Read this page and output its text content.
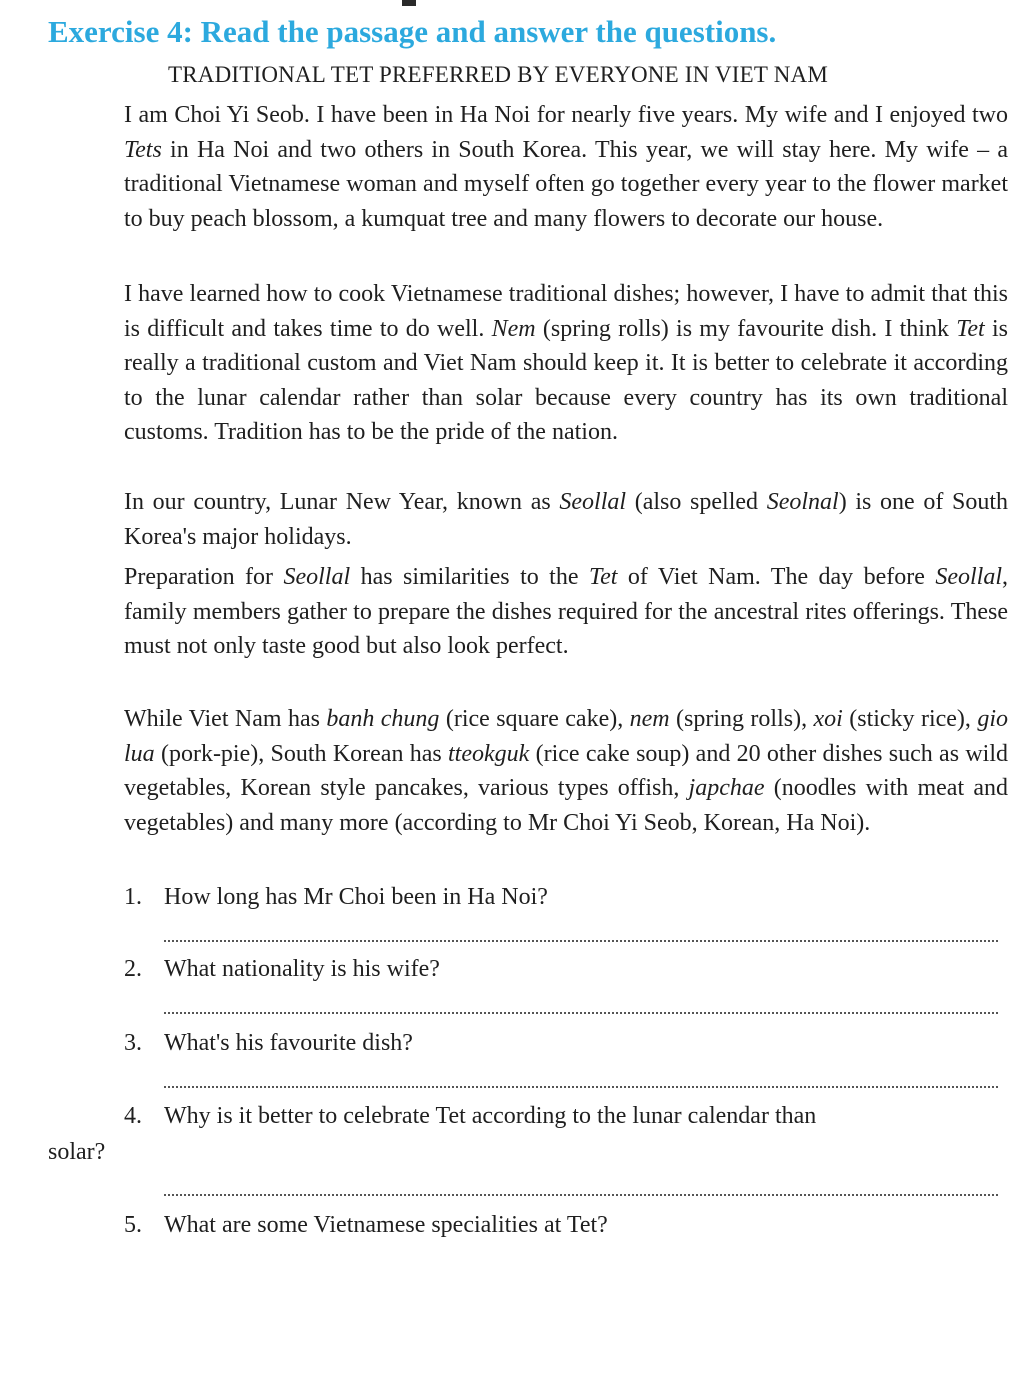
Exercise 4: Read the passage and answer the questions.
TRADITIONAL TET PREFERRED BY EVERYONE IN VIET NAM

I am Choi Yi Seob. I have been in Ha Noi for nearly five years. My wife and I enjoyed two Tets in Ha Noi and two others in South Korea. This year, we will stay here. My wife – a traditional Vietnamese woman and myself often go together every year to the flower market to buy peach blossom, a kumquat tree and many flowers to decorate our house.

I have learned how to cook Vietnamese traditional dishes; however, I have to admit that this is difficult and takes time to do well. Nem (spring rolls) is my favourite dish. I think Tet is really a traditional custom and Viet Nam should keep it. It is better to celebrate it according to the lunar calendar rather than solar because every country has its own traditional customs. Tradition has to be the pride of the nation.

In our country, Lunar New Year, known as Seollal (also spelled Seolnal) is one of South Korea's major holidays.

Preparation for Seollal has similarities to the Tet of Viet Nam. The day before Seollal, family members gather to prepare the dishes required for the ancestral rites offerings. These must not only taste good but also look perfect.

While Viet Nam has banh chung (rice square cake), nem (spring rolls), xoi (sticky rice), gio lua (pork-pie), South Korean has tteokguk (rice cake soup) and 20 other dishes such as wild vegetables, Korean style pancakes, various types offish, japchae (noodles with meat and vegetables) and many more (according to Mr Choi Yi Seob, Korean, Ha Noi).

1. How long has Mr Choi been in Ha Noi?
2. What nationality is his wife?
3. What's his favourite dish?
4. Why is it better to celebrate Tet according to the lunar calendar than
solar?
5. What are some Vietnamese specialities at Tet?
